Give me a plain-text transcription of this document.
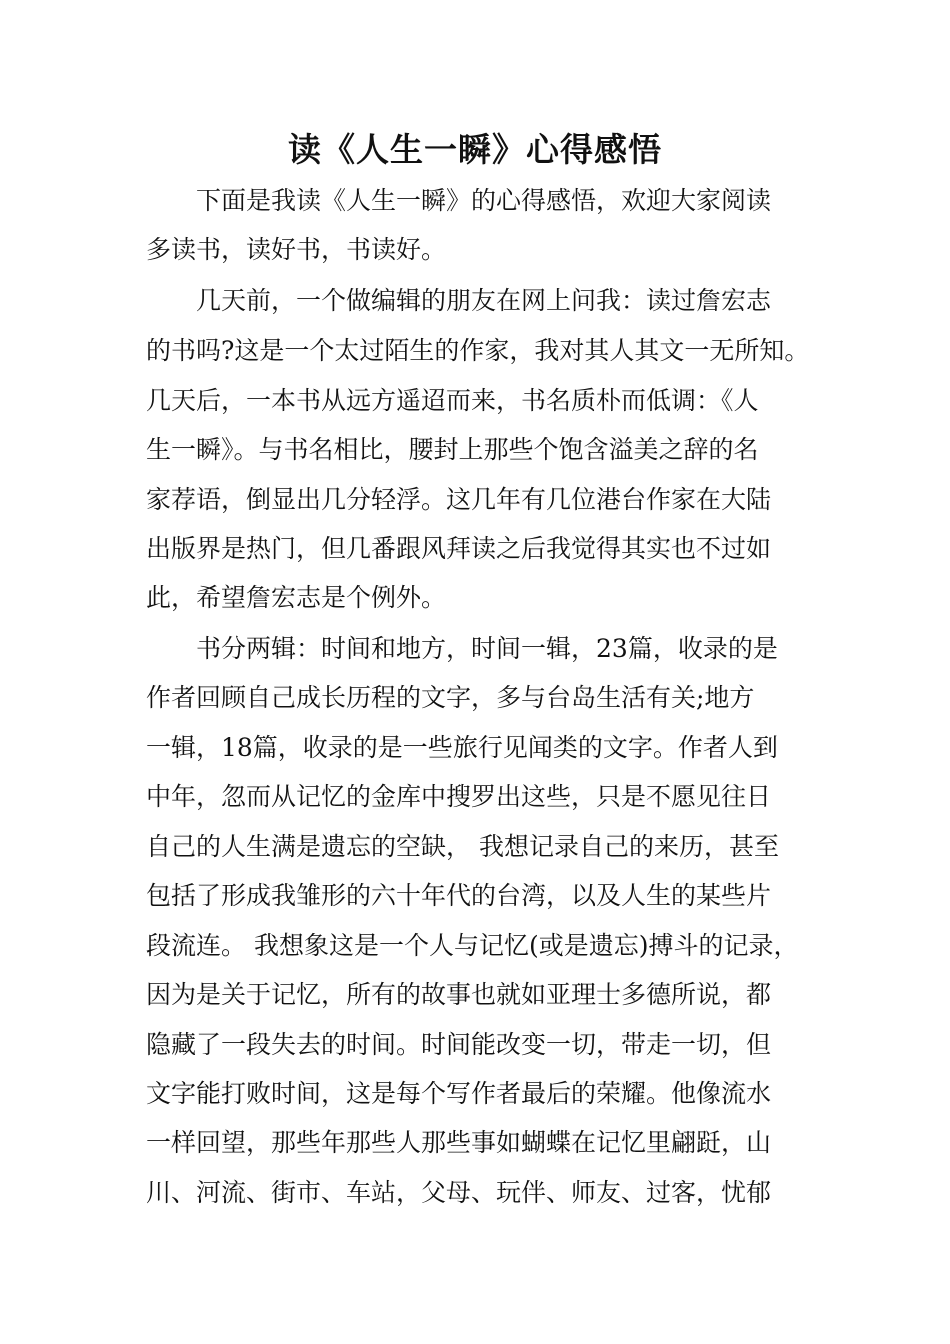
读《人生一瞬》心得感悟

　　下面是我读《人生一瞬》的心得感悟，欢迎大家阅读

多读书，读好书，书读好。

　　几天前，一个做编辑的朋友在网上问我：读过詹宏志

的书吗?这是一个太过陌生的作家，我对其人其文一无所知。

几天后，一本书从远方遥迢而来，书名质朴而低调：《人

生一瞬》。与书名相比，腰封上那些个饱含溢美之辞的名

家荐语，倒显出几分轻浮。这几年有几位港台作家在大陆

出版界是热门，但几番跟风拜读之后我觉得其实也不过如

此，希望詹宏志是个例外。

　　书分两辑：时间和地方，时间一辑，23篇，收录的是

作者回顾自己成长历程的文字，多与台岛生活有关;地方

一辑，18篇，收录的是一些旅行见闻类的文字。作者人到

中年，忽而从记忆的金库中搜罗出这些，只是不愿见往日

自己的人生满是遗忘的空缺， 我想记录自己的来历，甚至

包括了形成我雏形的六十年代的台湾，以及人生的某些片

段流连。 我想象这是一个人与记忆(或是遗忘)搏斗的记录，

因为是关于记忆，所有的故事也就如亚理士多德所说，都

隐藏了一段失去的时间。时间能改变一切，带走一切，但

文字能打败时间，这是每个写作者最后的荣耀。他像流水

一样回望，那些年那些人那些事如蝴蝶在记忆里翩跹，山

川、河流、街市、车站，父母、玩伴、师友、过客，忧郁
